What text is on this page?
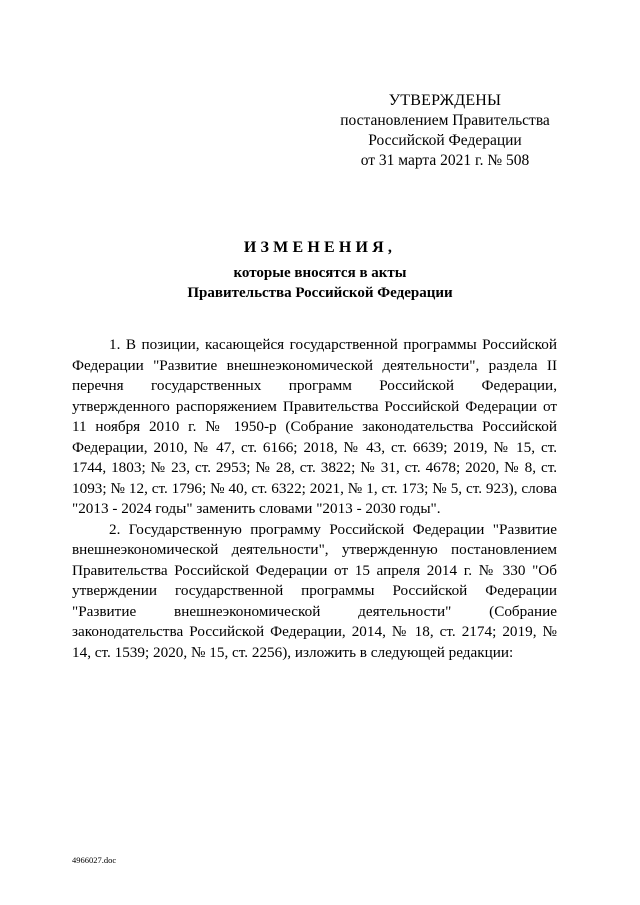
УТВЕРЖДЕНЫ
постановлением Правительства
Российской Федерации
от 31 марта 2021 г. № 508
ИЗМЕНЕНИЯ,
которые вносятся в акты
Правительства Российской Федерации

1. В позиции, касающейся государственной программы Российской Федерации "Развитие внешнеэкономической деятельности", раздела II перечня государственных программ Российской Федерации, утвержденного распоряжением Правительства Российской Федерации от 11 ноября 2010 г. № 1950-р (Собрание законодательства Российской Федерации, 2010, № 47, ст. 6166; 2018, № 43, ст. 6639; 2019, № 15, ст. 1744, 1803; № 23, ст. 2953; № 28, ст. 3822; № 31, ст. 4678; 2020, № 8, ст. 1093; № 12, ст. 1796; № 40, ст. 6322; 2021, № 1, ст. 173; № 5, ст. 923), слова "2013 - 2024 годы" заменить словами "2013 - 2030 годы".

2. Государственную программу Российской Федерации "Развитие внешнеэкономической деятельности", утвержденную постановлением Правительства Российской Федерации от 15 апреля 2014 г. № 330 "Об утверждении государственной программы Российской Федерации "Развитие внешнеэкономической деятельности" (Собрание законодательства Российской Федерации, 2014, № 18, ст. 2174; 2019, № 14, ст. 1539; 2020, № 15, ст. 2256), изложить в следующей редакции:

4966027.doc
